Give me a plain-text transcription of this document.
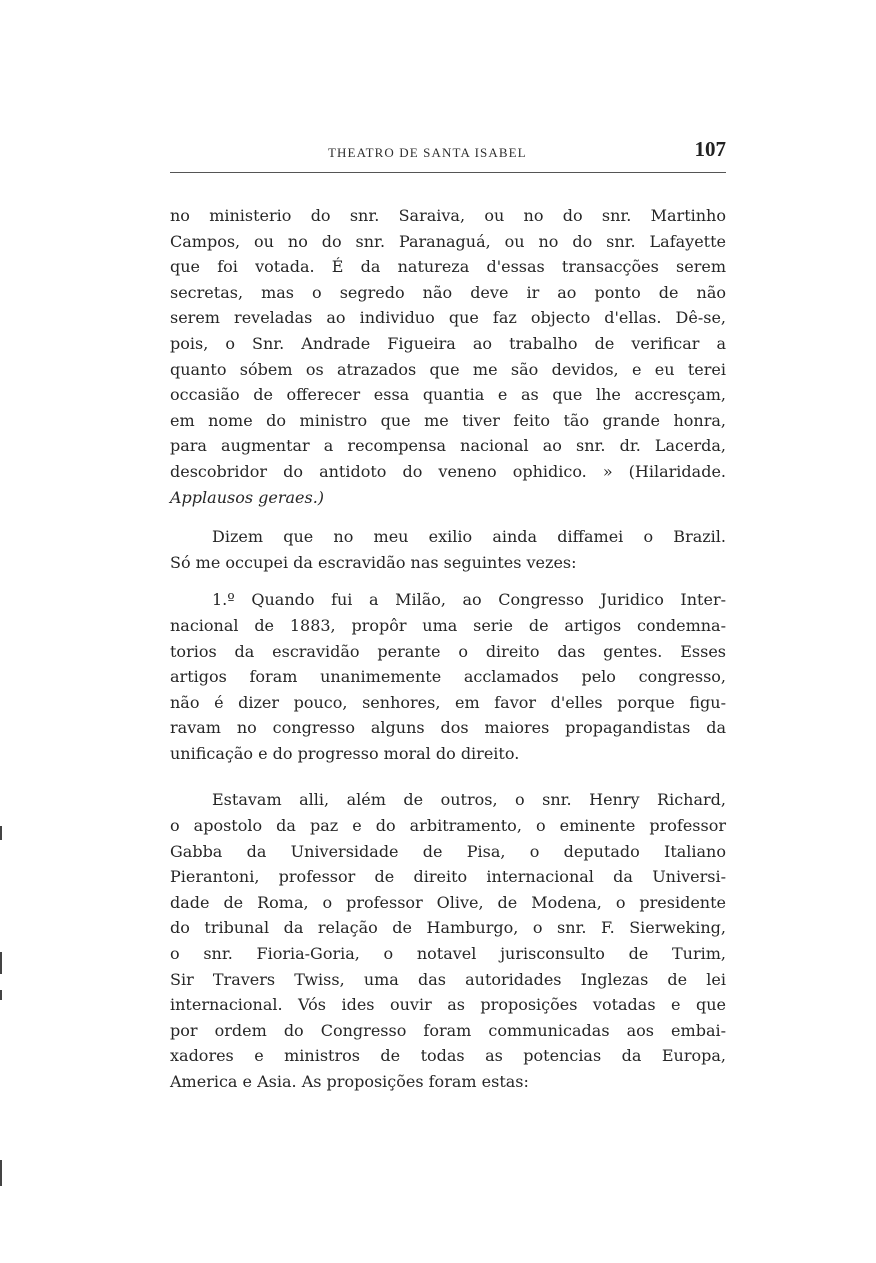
THEATRO DE SANTA ISABEL	107
no ministerio do snr. Saraiva, ou no do snr. Martinho
Campos, ou no do snr. Paranaguá, ou no do snr. Lafayette
que foi votada. É da natureza d'essas transacções serem
secretas, mas o segredo não deve ir ao ponto de não
serem reveladas ao individuo que faz objecto d'ellas. Dê-se,
pois, o Snr. Andrade Figueira ao trabalho de verificar a
quanto sóbem os atrazados que me são devidos, e eu terei
occasião de offerecer essa quantia e as que lhe accresçam,
em nome do ministro que me tiver feito tão grande honra,
para augmentar a recompensa nacional ao snr. dr. Lacerda,
descobridor do antidoto do veneno ophidico. » (Hilaridade.
Applausos geraes.)
Dizem que no meu exilio ainda diffamei o Brazil.
Só me occupei da escravidão nas seguintes vezes:
1.º Quando fui a Milão, ao Congresso Juridico Inter-
nacional de 1883, propôr uma serie de artigos condemna-
torios da escravidão perante o direito das gentes. Esses
artigos foram unanimemente acclamados pelo congresso,
não é dizer pouco, senhores, em favor d'elles porque figu-
ravam no congresso alguns dos maiores propagandistas da
unificação e do progresso moral do direito.
Estavam alli, além de outros, o snr. Henry Richard,
o apostolo da paz e do arbitramento, o eminente professor
Gabba da Universidade de Pisa, o deputado Italiano
Pierantoni, professor de direito internacional da Universi-
dade de Roma, o professor Olive, de Modena, o presidente
do tribunal da relação de Hamburgo, o snr. F. Sierweking,
o snr. Fioria-Goria, o notavel jurisconsulto de Turim,
Sir Travers Twiss, uma das autoridades Inglezas de lei
internacional. Vós ides ouvir as proposições votadas e que
por ordem do Congresso foram communicadas aos embai-
xadores e ministros de todas as potencias da Europa,
America e Asia. As proposições foram estas:
